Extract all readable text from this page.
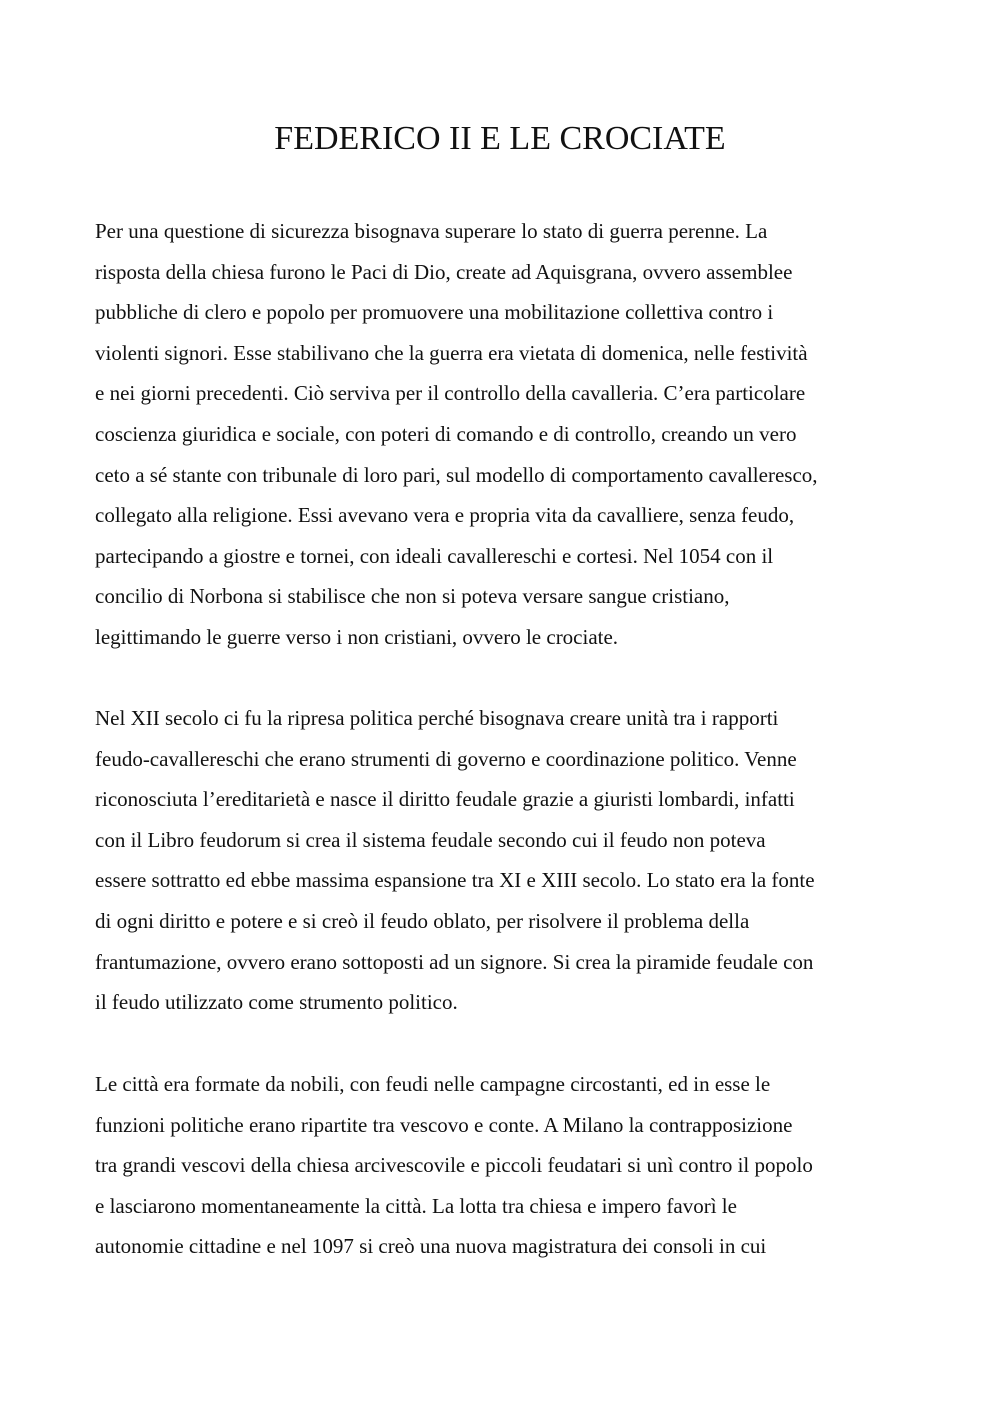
FEDERICO II E LE CROCIATE
Per una questione di sicurezza bisognava superare lo stato di guerra perenne. La
risposta della chiesa furono le Paci di Dio, create ad Aquisgrana, ovvero assemblee
pubbliche di clero e popolo per promuovere una mobilitazione collettiva contro i
violenti signori. Esse stabilivano che la guerra era vietata di domenica, nelle festività
e nei giorni precedenti. Ciò serviva per il controllo della cavalleria. C’era particolare
coscienza giuridica e sociale, con poteri di comando e di controllo, creando un vero
ceto a sé stante con tribunale di loro pari, sul modello di comportamento cavalleresco,
collegato alla religione. Essi avevano vera e propria vita da cavalliere, senza feudo,
partecipando a giostre e tornei, con ideali cavallereschi e cortesi. Nel 1054 con il
concilio di Norbona si stabilisce che non si poteva versare sangue cristiano,
legittimando le guerre verso i non cristiani, ovvero le crociate.
Nel XII secolo ci fu la ripresa politica perché bisognava creare unità tra i rapporti
feudo-cavallereschi che erano strumenti di governo e coordinazione politico. Venne
riconosciuta l’ereditarietà e nasce il diritto feudale grazie a giuristi lombardi, infatti
con il Libro feudorum si crea il sistema feudale secondo cui il feudo non poteva
essere sottratto ed ebbe massima espansione tra XI e XIII secolo. Lo stato era la fonte
di ogni diritto e potere e si creò il feudo oblato, per risolvere il problema della
frantumazione, ovvero erano sottoposti ad un signore. Si crea la piramide feudale con
il feudo utilizzato come strumento politico.
Le città era formate da nobili, con feudi nelle campagne circostanti, ed in esse le
funzioni politiche erano ripartite tra vescovo e conte. A Milano la contrapposizione
tra grandi vescovi della chiesa arcivescovile e piccoli feudatari si unì contro il popolo
e lasciarono momentaneamente la città. La lotta tra chiesa e impero favorì le
autonomie cittadine e nel 1097 si creò una nuova magistratura dei consoli in cui
